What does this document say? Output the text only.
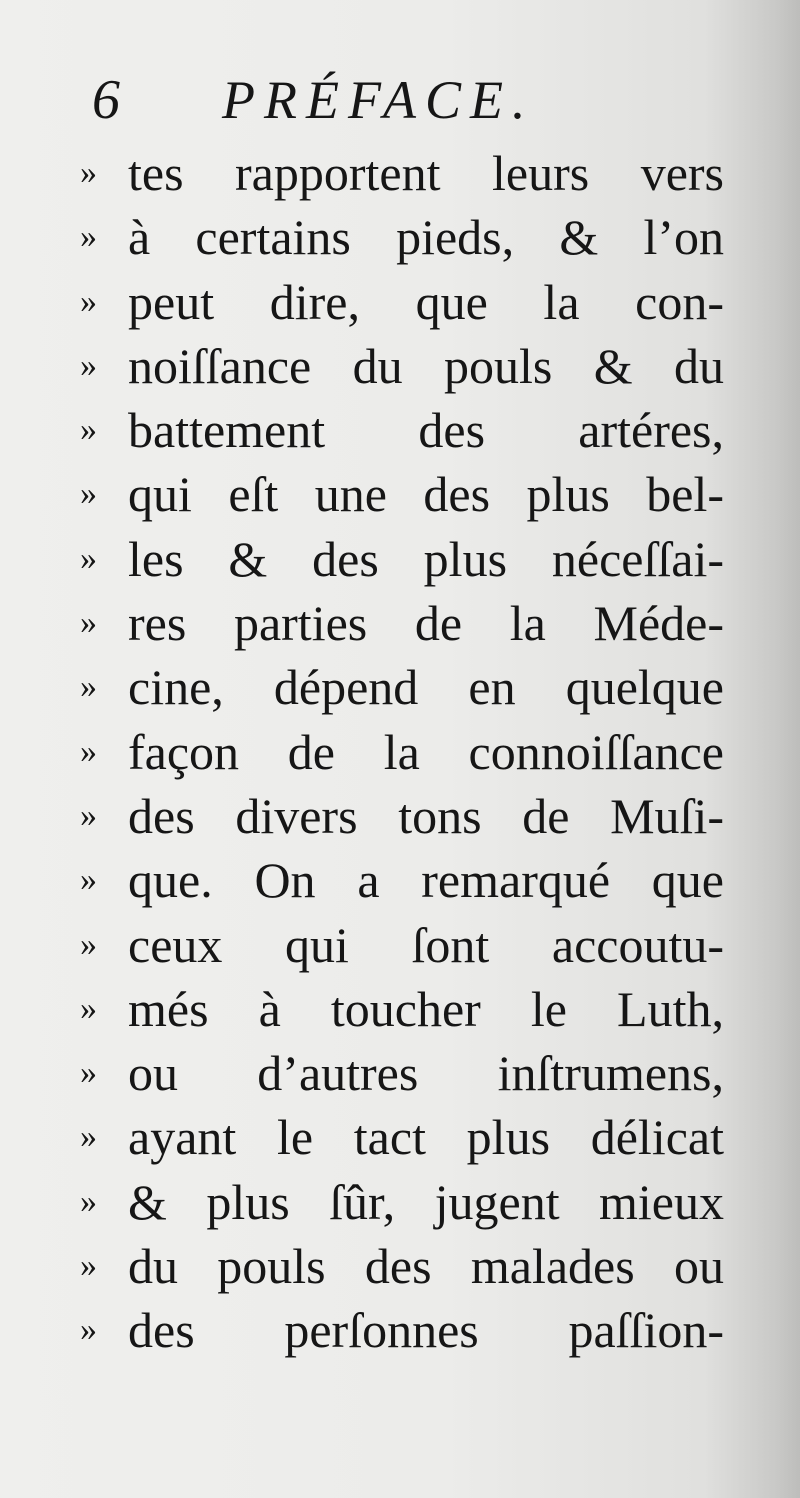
6 PRÉFACE.
» tes rapportent leurs vers
» à certains pieds, & l’on
» peut dire, que la con-
» noiſſance du pouls & du
» battement des artéres,
» qui eſt une des plus bel-
» les & des plus néceſſai-
» res parties de la Méde-
» cine, dépend en quelque
» façon de la connoiſſance
» des divers tons de Muſi-
» que. On a remarqué que
» ceux qui ſont accoutu-
» més à toucher le Luth,
» ou d’autres inſtrumens,
» ayant le tact plus délicat
» & plus ſûr, jugent mieux
» du pouls des malades ou
» des perſonnes paſſion-
